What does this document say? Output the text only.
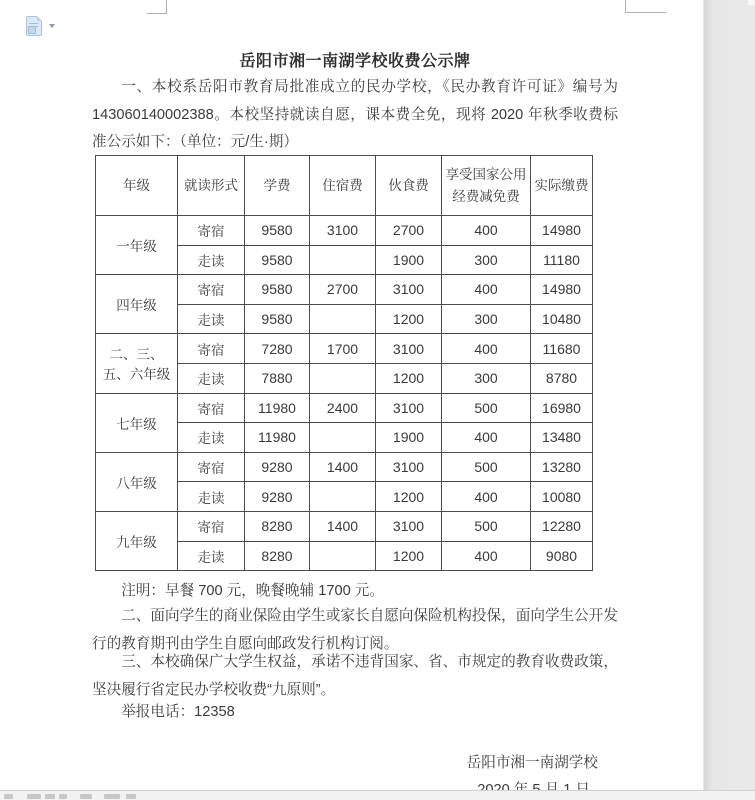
岳阳市湘一南湖学校收费公示牌
一、本校系岳阳市教育局批准成立的民办学校，《民办教育许可证》编号为 143060140002388。本校坚持就读自愿，课本费全免，现将 2020 年秋季收费标准公示如下：（单位：元/生·期）
年级	就读形式	学费	住宿费	伙食费	享受国家公用经费减免费	实际缴费
一年级	寄宿	9580	3100	2700	400	14980
	走读	9580		1900	300	11180
四年级	寄宿	9580	2700	3100	400	14980
	走读	9580		1200	300	10480
二、三、五、六年级	寄宿	7280	1700	3100	400	11680
	走读	7880		1200	300	8780
七年级	寄宿	11980	2400	3100	500	16980
	走读	11980		1900	400	13480
八年级	寄宿	9280	1400	3100	500	13280
	走读	9280		1200	400	10080
九年级	寄宿	8280	1400	3100	500	12280
	走读	8280		1200	400	9080
注明：早餐 700 元，晚餐晚辅 1700 元。
二、面向学生的商业保险由学生或家长自愿向保险机构投保，面向学生公开发行的教育期刊由学生自愿向邮政发行机构订阅。
三、本校确保广大学生权益，承诺不违背国家、省、市规定的教育收费政策，坚决履行省定民办学校收费“九原则”。
举报电话：12358
岳阳市湘一南湖学校
